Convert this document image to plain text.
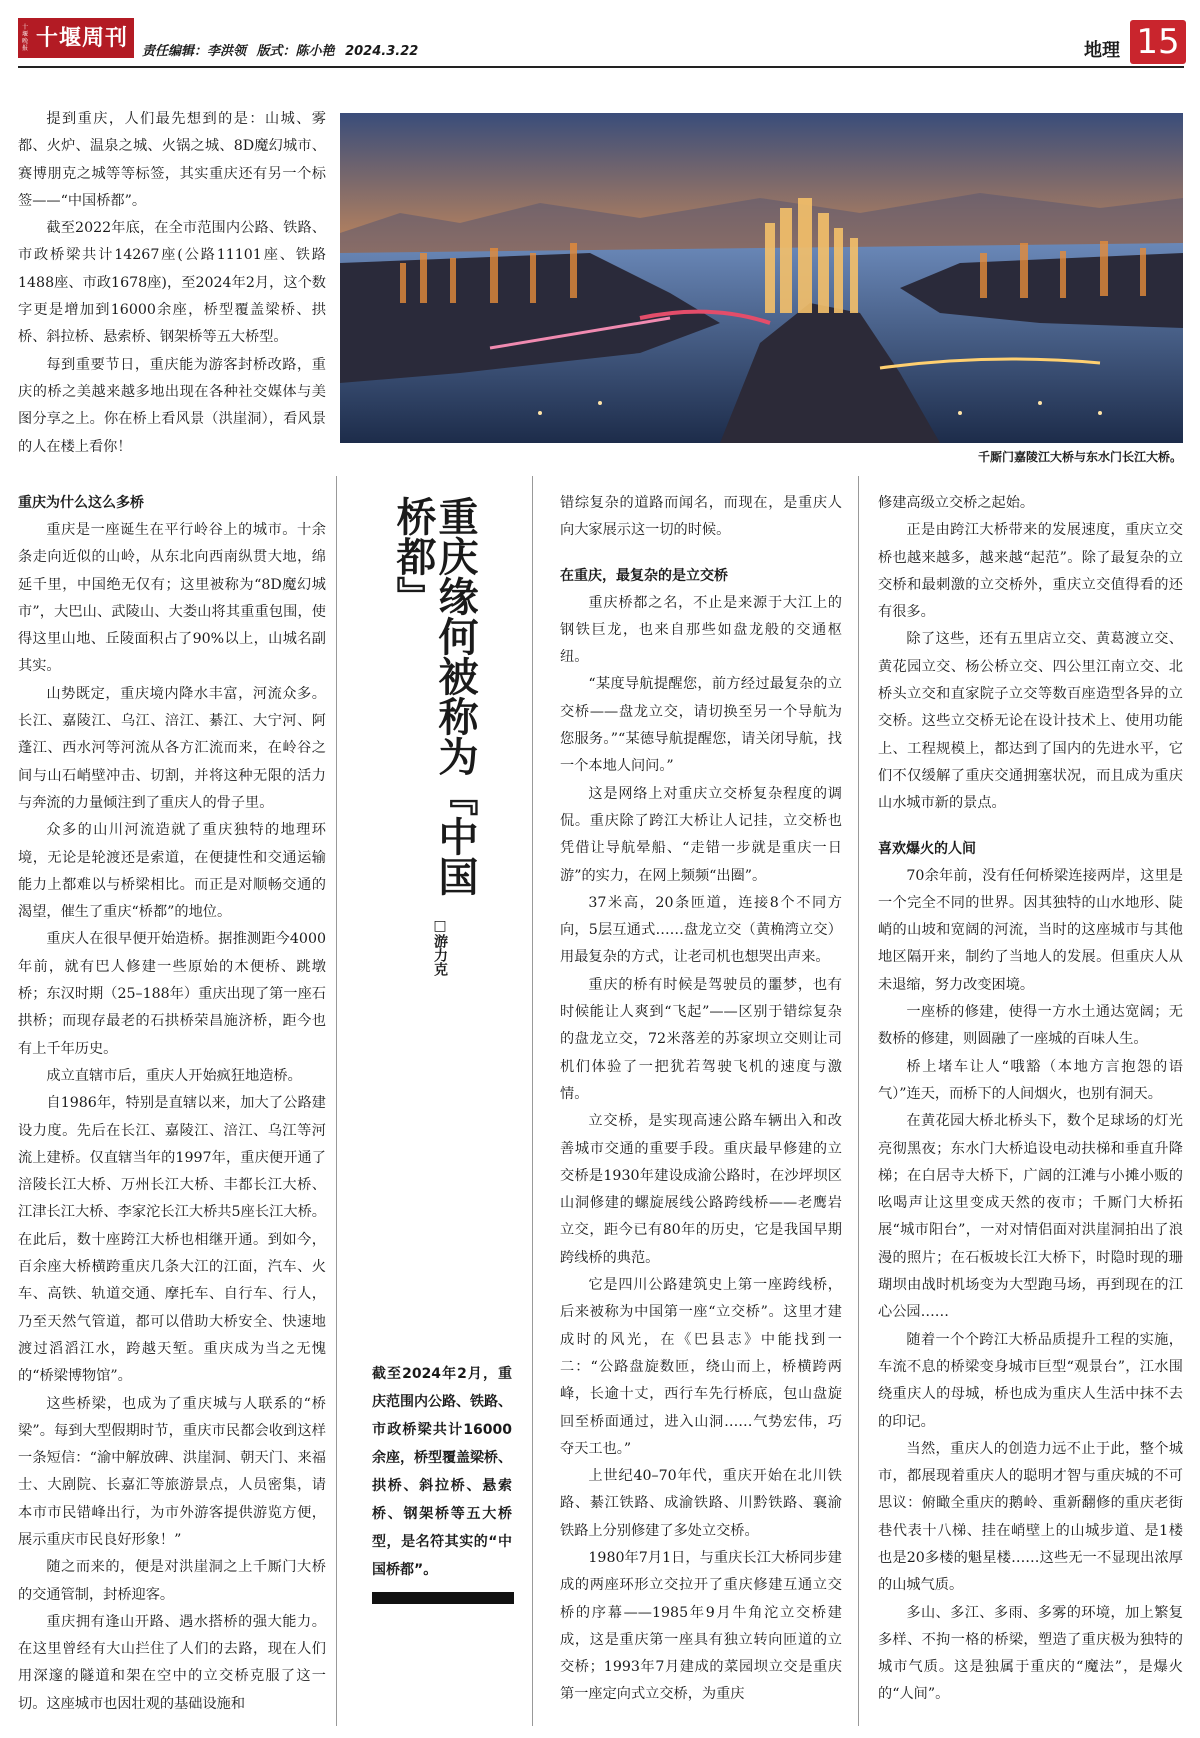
十堰晚报 十堰周刊
责任编辑：李洪领 版式：陈小艳 2024.3.22	地理 15

提到重庆，人们最先想到的是：山城、雾都、火炉、温泉之城、火锅之城、8D魔幻城市、赛博朋克之城等等标签，其实重庆还有另一个标签——“中国桥都”。

截至2022年底，在全市范围内公路、铁路、市政桥梁共计14267座(公路11101座、铁路1488座、市政1678座)，至2024年2月，这个数字更是增加到16000余座，桥型覆盖梁桥、拱桥、斜拉桥、悬索桥、钢架桥等五大桥型。

每到重要节日，重庆能为游客封桥改路，重庆的桥之美越来越多地出现在各种社交媒体与美图分享之上。你在桥上看风景（洪崖洞），看风景的人在楼上看你！

千厮门嘉陵江大桥与东水门长江大桥。
重庆缘何被称为『中国桥都』
□游力克
截至2024年2月，重庆范围内公路、铁路、市政桥梁共计16000余座，桥型覆盖梁桥、拱桥、斜拉桥、悬索桥、钢架桥等五大桥型，是名符其实的“中国桥都”。
重庆为什么这么多桥

重庆是一座诞生在平行岭谷上的城市。十余条走向近似的山岭，从东北向西南纵贯大地，绵延千里，中国绝无仅有；这里被称为“8D魔幻城市”，大巴山、武陵山、大娄山将其重重包围，使得这里山地、丘陵面积占了90%以上，山城名副其实。

山势既定，重庆境内降水丰富，河流众多。长江、嘉陵江、乌江、涪江、綦江、大宁河、阿蓬江、西水河等河流从各方汇流而来，在岭谷之间与山石峭壁冲击、切割，并将这种无限的活力与奔流的力量倾注到了重庆人的骨子里。

众多的山川河流造就了重庆独特的地理环境，无论是轮渡还是索道，在便捷性和交通运输能力上都难以与桥梁相比。而正是对顺畅交通的渴望，催生了重庆“桥都”的地位。

重庆人在很早便开始造桥。据推测距今4000年前，就有巴人修建一些原始的木便桥、跳墩桥；东汉时期（25–188年）重庆出现了第一座石拱桥；而现存最老的石拱桥荣昌施济桥，距今也有上千年历史。

成立直辖市后，重庆人开始疯狂地造桥。

自1986年，特别是直辖以来，加大了公路建设力度。先后在长江、嘉陵江、涪江、乌江等河流上建桥。仅直辖当年的1997年，重庆便开通了涪陵长江大桥、万州长江大桥、丰都长江大桥、江津长江大桥、李家沱长江大桥共5座长江大桥。在此后，数十座跨江大桥也相继开通。到如今，百余座大桥横跨重庆几条大江的江面，汽车、火车、高铁、轨道交通、摩托车、自行车、行人，乃至天然气管道，都可以借助大桥安全、快速地渡过滔滔江水，跨越天堑。重庆成为当之无愧的“桥梁博物馆”。

这些桥梁，也成为了重庆城与人联系的“桥梁”。每到大型假期时节，重庆市民都会收到这样一条短信：“渝中解放碑、洪崖洞、朝天门、来福士、大剧院、长嘉汇等旅游景点，人员密集，请本市市民错峰出行，为市外游客提供游览方便，展示重庆市民良好形象！”

随之而来的，便是对洪崖洞之上千厮门大桥的交通管制，封桥迎客。

重庆拥有逢山开路、遇水搭桥的强大能力。在这里曾经有大山拦住了人们的去路，现在人们用深邃的隧道和架在空中的立交桥克服了这一切。这座城市也因壮观的基础设施和

错综复杂的道路而闻名，而现在，是重庆人向大家展示这一切的时候。

在重庆，最复杂的是立交桥

重庆桥都之名，不止是来源于大江上的钢铁巨龙，也来自那些如盘龙般的交通枢纽。

“某度导航提醒您，前方经过最复杂的立交桥——盘龙立交，请切换至另一个导航为您服务。”“某德导航提醒您，请关闭导航，找一个本地人问问。”

这是网络上对重庆立交桥复杂程度的调侃。重庆除了跨江大桥让人记挂，立交桥也凭借让导航晕船、“走错一步就是重庆一日游”的实力，在网上频频“出圈”。

37米高，20条匝道，连接8个不同方向，5层互通式……盘龙立交（黄桷湾立交）用最复杂的方式，让老司机也想哭出声来。

重庆的桥有时候是驾驶员的噩梦，也有时候能让人爽到“飞起”——区别于错综复杂的盘龙立交，72米落差的苏家坝立交则让司机们体验了一把犹若驾驶飞机的速度与激情。

立交桥，是实现高速公路车辆出入和改善城市交通的重要手段。重庆最早修建的立交桥是1930年建设成渝公路时，在沙坪坝区山洞修建的螺旋展线公路跨线桥——老鹰岩立交，距今已有80年的历史，它是我国早期跨线桥的典范。

它是四川公路建筑史上第一座跨线桥，后来被称为中国第一座“立交桥”。这里才建成时的风光，在《巴县志》中能找到一二：“公路盘旋数匝，绕山而上，桥横跨两峰，长逾十丈，西行车先行桥底，包山盘旋回至桥面通过，进入山洞……气势宏伟，巧夺天工也。”

上世纪40–70年代，重庆开始在北川铁路、綦江铁路、成渝铁路、川黔铁路、襄渝铁路上分别修建了多处立交桥。

1980年7月1日，与重庆长江大桥同步建成的两座环形立交拉开了重庆修建互通立交桥的序幕——1985年9月牛角沱立交桥建成，这是重庆第一座具有独立转向匝道的立交桥；1993年7月建成的菜园坝立交是重庆第一座定向式立交桥，为重庆

修建高级立交桥之起始。

正是由跨江大桥带来的发展速度，重庆立交桥也越来越多，越来越“起范”。除了最复杂的立交桥和最刺激的立交桥外，重庆立交值得看的还有很多。

除了这些，还有五里店立交、黄葛渡立交、黄花园立交、杨公桥立交、四公里江南立交、北桥头立交和直家院子立交等数百座造型各异的立交桥。这些立交桥无论在设计技术上、使用功能上、工程规模上，都达到了国内的先进水平，它们不仅缓解了重庆交通拥塞状况，而且成为重庆山水城市新的景点。

喜欢爆火的人间

70余年前，没有任何桥梁连接两岸，这里是一个完全不同的世界。因其独特的山水地形、陡峭的山坡和宽阔的河流，当时的这座城市与其他地区隔开来，制约了当地人的发展。但重庆人从未退缩，努力改变困境。

一座桥的修建，使得一方水土通达宽阔；无数桥的修建，则圆融了一座城的百味人生。

桥上堵车让人“哦豁（本地方言抱怨的语气）”连天，而桥下的人间烟火，也别有洞天。

在黄花园大桥北桥头下，数个足球场的灯光亮彻黑夜；东水门大桥追设电动扶梯和垂直升降梯；在白居寺大桥下，广阔的江滩与小摊小贩的吆喝声让这里变成天然的夜市；千厮门大桥拓展“城市阳台”，一对对情侣面对洪崖洞拍出了浪漫的照片；在石板坡长江大桥下，时隐时现的珊瑚坝由战时机场变为大型跑马场，再到现在的江心公园……

随着一个个跨江大桥品质提升工程的实施，车流不息的桥梁变身城市巨型“观景台”，江水围绕重庆人的母城，桥也成为重庆人生活中抹不去的印记。

当然，重庆人的创造力远不止于此，整个城市，都展现着重庆人的聪明才智与重庆城的不可思议：俯瞰全重庆的鹅岭、重新翻修的重庆老街巷代表十八梯、挂在峭壁上的山城步道、是1楼也是20多楼的魁星楼……这些无一不显现出浓厚的山城气质。

多山、多江、多雨、多雾的环境，加上繁复多样、不拘一格的桥梁，塑造了重庆极为独特的城市气质。这是独属于重庆的“魔法”，是爆火的“人间”。
